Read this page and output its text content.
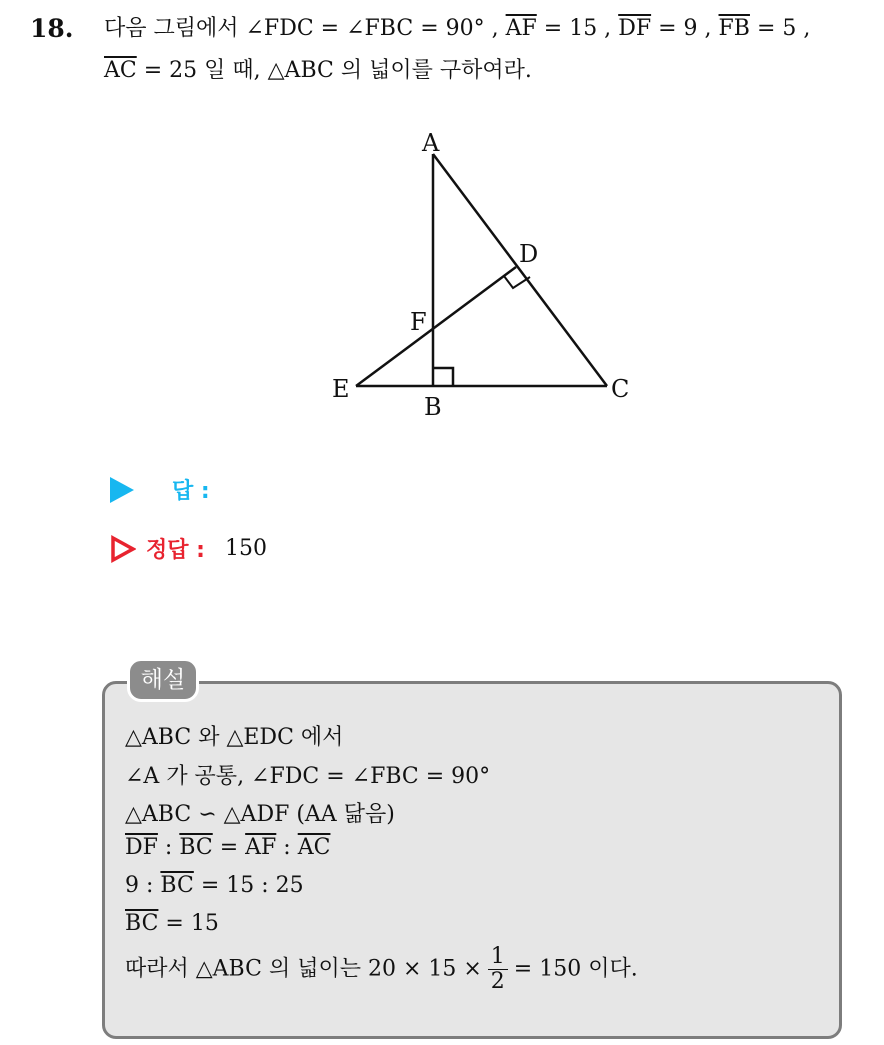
18. 다음 그림에서 ∠FDC = ∠FBC = 90° , $\overline{AF} = 15$ , $\overline{DF} = 9$ , $\overline{FB} = 5$ ,
$\overline{AC} = 25$ 일 때, △ABC 의 넓이를 구하여라.
A
B
C
D
E
F
답 :
정답 : 150
해설
△ABC 와 △EDC 에서
∠A 가 공통, ∠FDC = ∠FBC = 90°
△ABC ∽ △ADF (AA 닮음)
$\overline{DF}$ : $\overline{BC} = \overline{AF}$ : $\overline{AC}$
9 : $\overline{BC} = 15$ : 25
$\overline{BC} = 15$
따라서 △ABC 의 넓이는 $20 \times 15 \times \frac{1}{2} = 150$ 이다.
